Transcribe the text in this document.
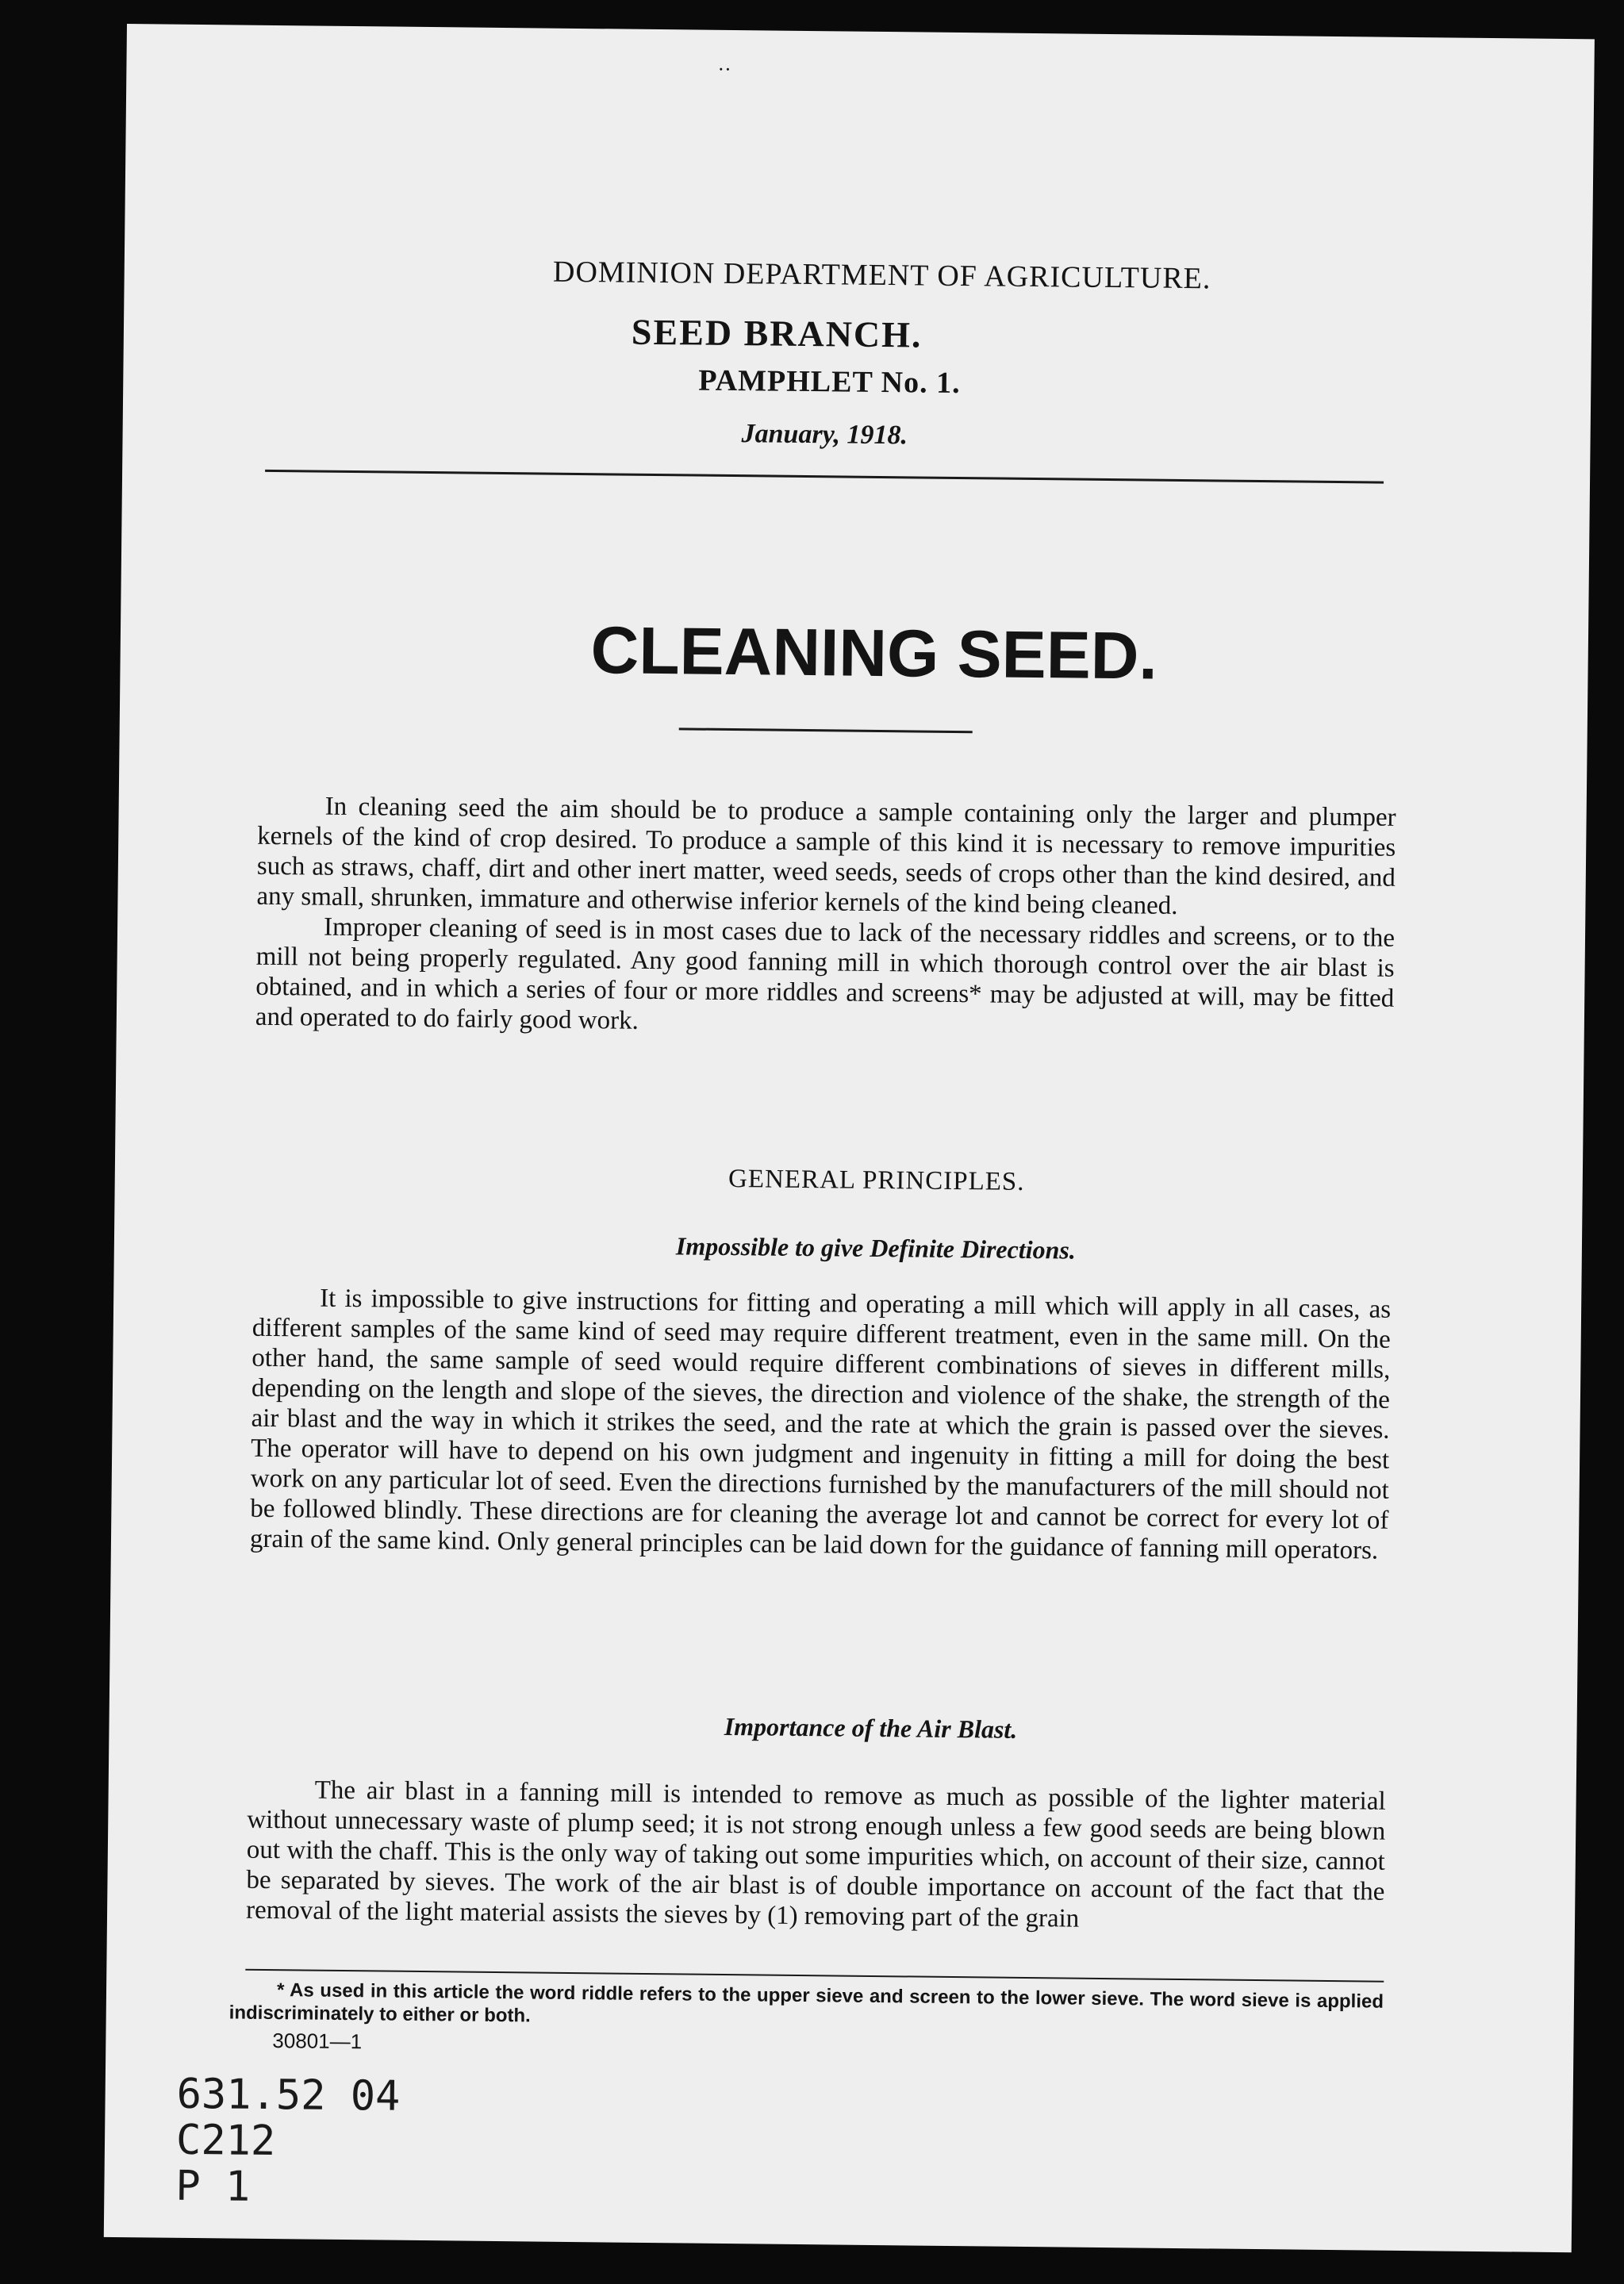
··
DOMINION DEPARTMENT OF AGRICULTURE.
SEED BRANCH.
PAMPHLET No. 1.
January, 1918.
CLEANING SEED.

In cleaning seed the aim should be to produce a sample containing only the larger and plumper kernels of the kind of crop desired. To produce a sample of this kind it is necessary to remove impurities such as straws, chaff, dirt and other inert matter, weed seeds, seeds of crops other than the kind desired, and any small, shrunken, immature and otherwise inferior kernels of the kind being cleaned.

Improper cleaning of seed is in most cases due to lack of the necessary riddles and screens, or to the mill not being properly regulated. Any good fanning mill in which thorough control over the air blast is obtained, and in which a series of four or more riddles and screens* may be adjusted at will, may be fitted and operated to do fairly good work.

GENERAL PRINCIPLES.
Impossible to give Definite Directions.

It is impossible to give instructions for fitting and operating a mill which will apply in all cases, as different samples of the same kind of seed may require different treatment, even in the same mill. On the other hand, the same sample of seed would require different combinations of sieves in different mills, depending on the length and slope of the sieves, the direction and violence of the shake, the strength of the air blast and the way in which it strikes the seed, and the rate at which the grain is passed over the sieves. The operator will have to depend on his own judgment and ingenuity in fitting a mill for doing the best work on any particular lot of seed. Even the directions furnished by the manufacturers of the mill should not be followed blindly. These directions are for cleaning the average lot and cannot be correct for every lot of grain of the same kind. Only general principles can be laid down for the guidance of fanning mill operators.

Importance of the Air Blast.

The air blast in a fanning mill is intended to remove as much as possible of the lighter material without unnecessary waste of plump seed; it is not strong enough unless a few good seeds are being blown out with the chaff. This is the only way of taking out some impurities which, on account of their size, cannot be separated by sieves. The work of the air blast is of double importance on account of the fact that the removal of the light material assists the sieves by (1) removing part of the grain

* As used in this article the word riddle refers to the upper sieve and screen to the lower sieve. The word sieve is applied indiscriminately to either or both.
30801—1
631.52 04
C212
P 1
